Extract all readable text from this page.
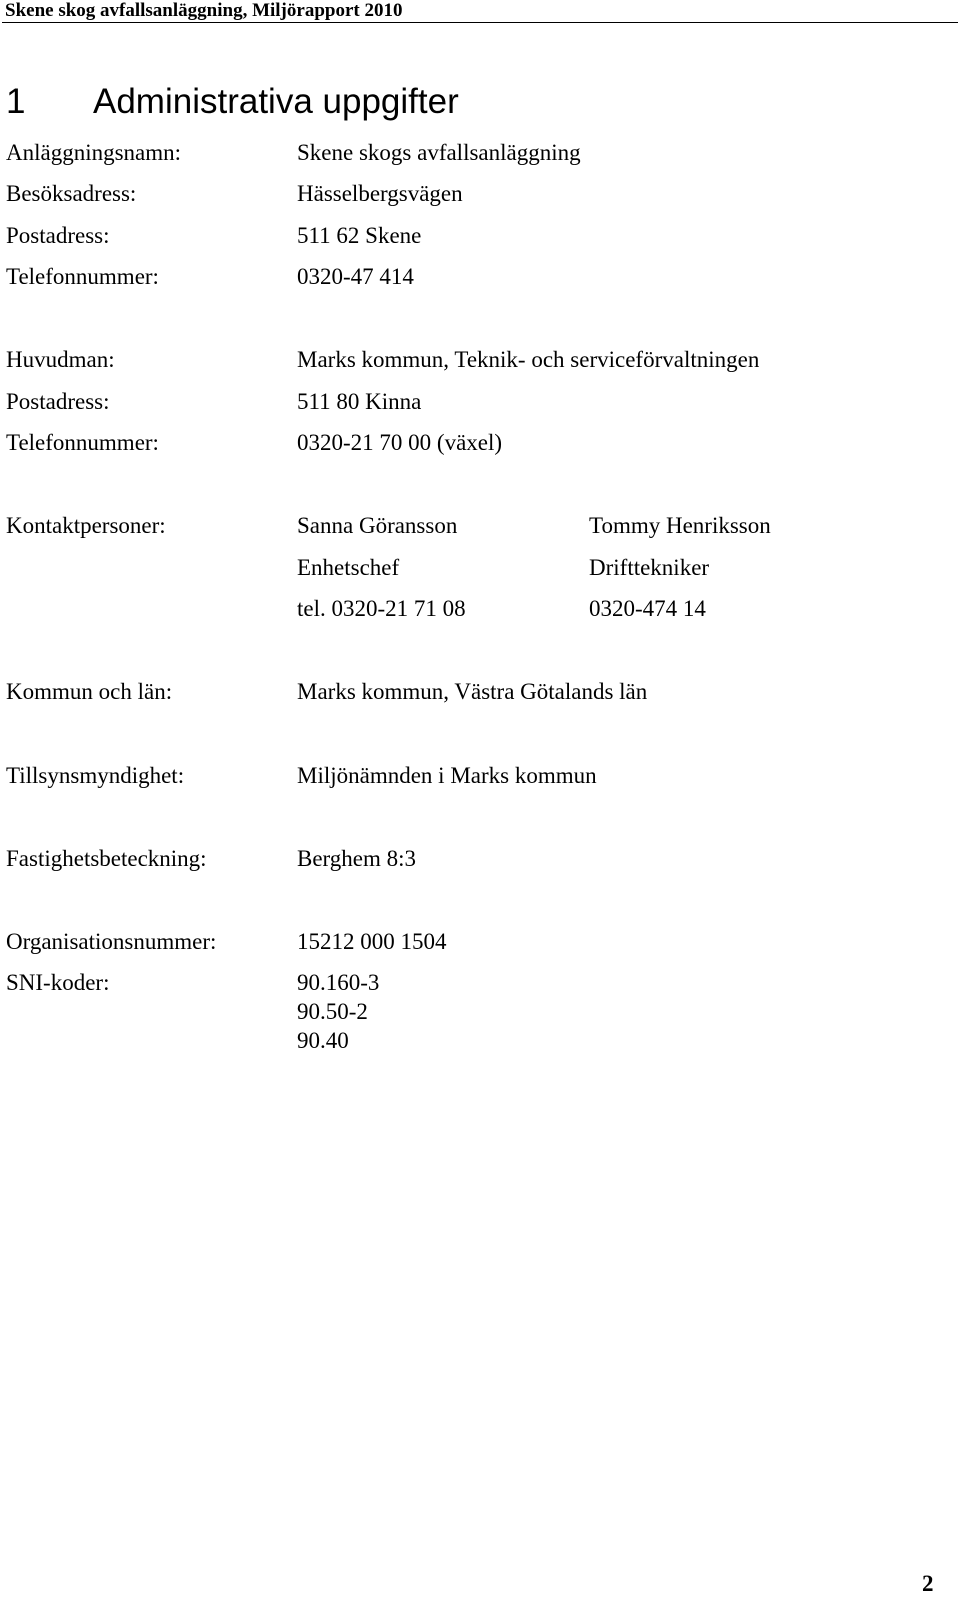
Skene skog avfallsanläggning, Miljörapport 2010
1 Administrativa uppgifter
Anläggningsnamn:	Skene skogs avfallsanläggning
Besöksadress:	Hässelbergsvägen
Postadress:	511 62 Skene
Telefonnummer:	0320-47 414
Huvudman:	Marks kommun, Teknik- och serviceförvaltningen
Postadress:	511 80 Kinna
Telefonnummer:	0320-21 70 00 (växel)
Kontaktpersoner:	Sanna Göransson	Tommy Henriksson
Enhetschef	Drifttekniker
tel. 0320-21 71 08	0320-474 14
Kommun och län:	Marks kommun, Västra Götalands län
Tillsynsmyndighet:	Miljönämnden i Marks kommun
Fastighetsbeteckning:	Berghem 8:3
Organisationsnummer:	15212 000 1504
SNI-koder:	90.160-3
90.50-2
90.40
2
